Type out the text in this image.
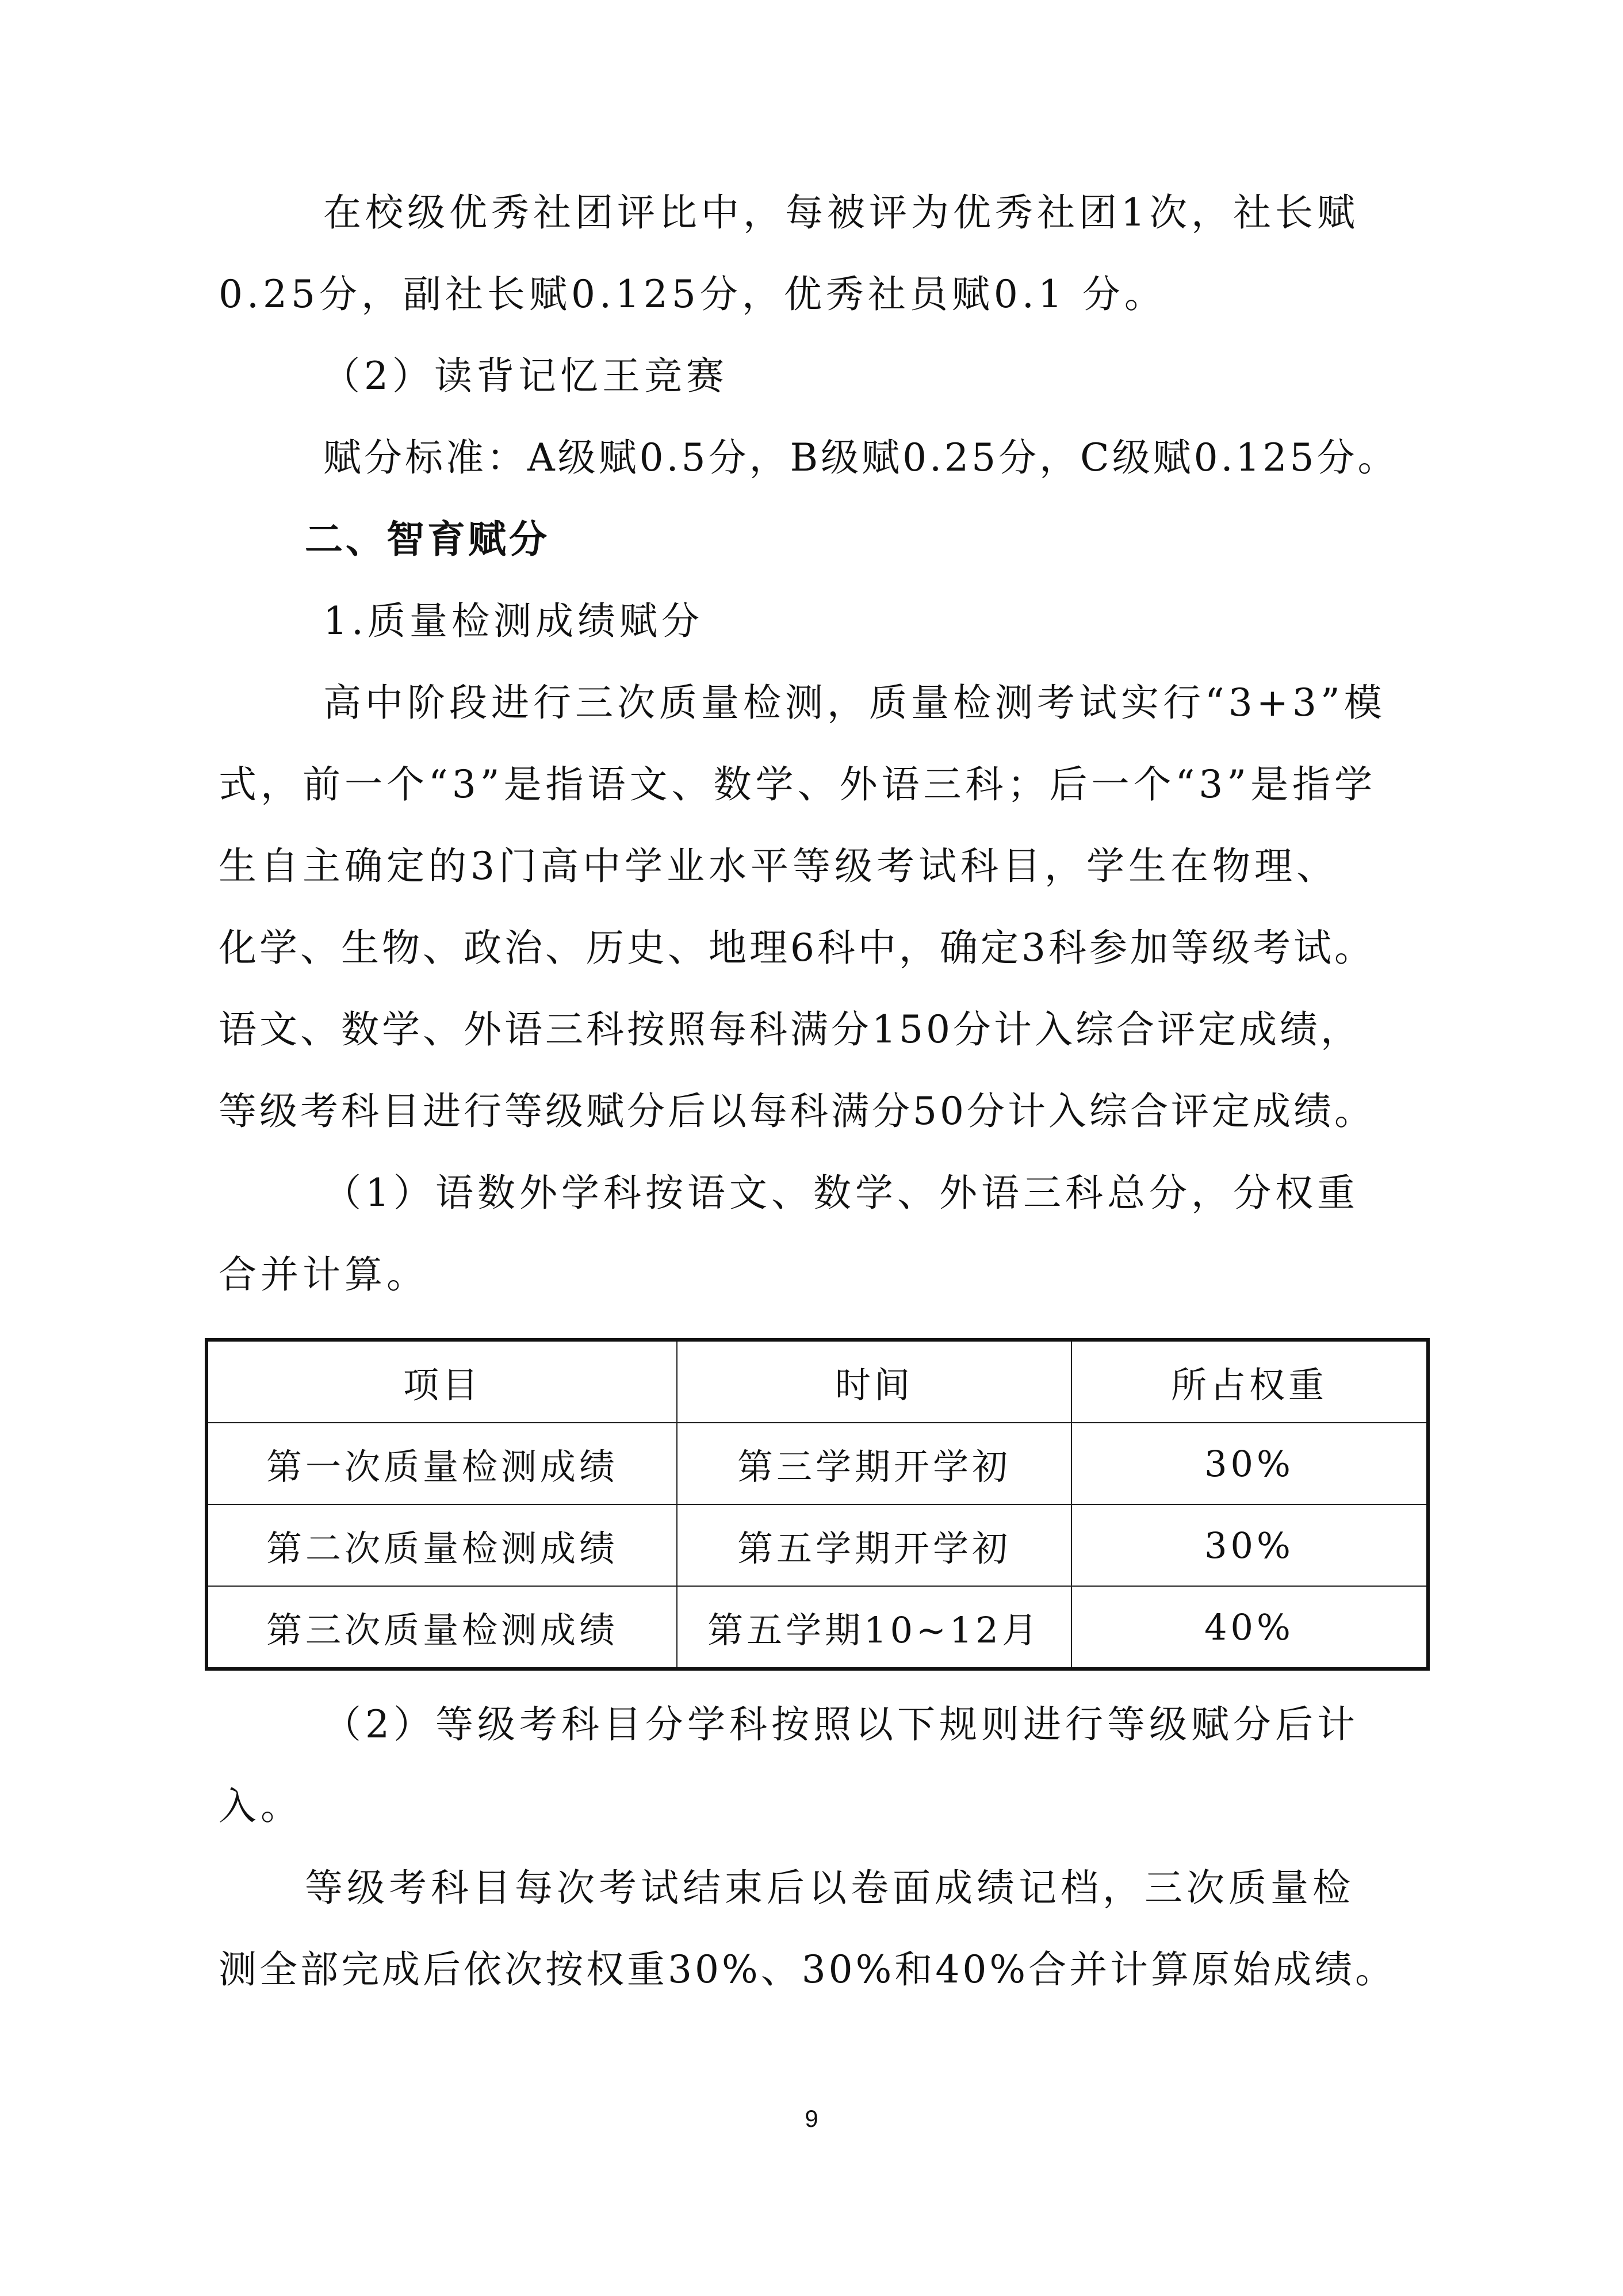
在校级优秀社团评比中，每被评为优秀社团1次，社长赋
0.25分，副社长赋0.125分，优秀社员赋0.1 分。
（2）读背记忆王竞赛
赋分标准：A级赋0.5分，B级赋0.25分，C级赋0.125分。
二、智育赋分
1.质量检测成绩赋分
高中阶段进行三次质量检测，质量检测考试实行“3+3”模
式，前一个“3”是指语文、数学、外语三科；后一个“3”是指学
生自主确定的3门高中学业水平等级考试科目，学生在物理、
化学、生物、政治、历史、地理6科中，确定3科参加等级考试。
语文、数学、外语三科按照每科满分150分计入综合评定成绩，
等级考科目进行等级赋分后以每科满分50分计入综合评定成绩。
（1）语数外学科按语文、数学、外语三科总分，分权重
合并计算。
项目	时间	所占权重
第一次质量检测成绩	第三学期开学初	30%
第二次质量检测成绩	第五学期开学初	30%
第三次质量检测成绩	第五学期10~12月	40%
（2）等级考科目分学科按照以下规则进行等级赋分后计
入。
等级考科目每次考试结束后以卷面成绩记档，三次质量检
测全部完成后依次按权重30%、30%和40%合并计算原始成绩。
9
